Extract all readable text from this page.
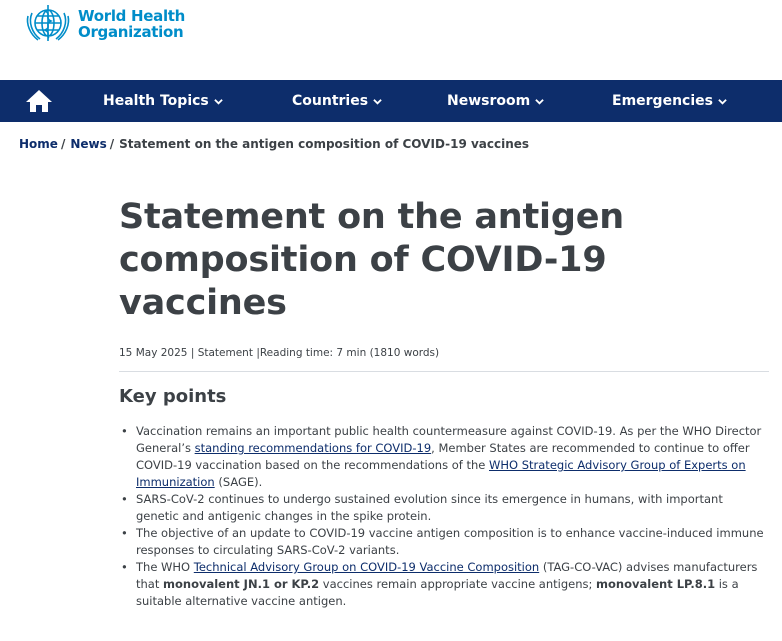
World Health
Organization
Health Topics	Countries	Newsroom	Emergencies
Home / News / Statement on the antigen composition of COVID-19 vaccines
Statement on the antigen composition of COVID-19 vaccines
15 May 2025 | Statement |Reading time: 7 min (1810 words)
Key points
• Vaccination remains an important public health countermeasure against COVID-19. As per the WHO Director General’s standing recommendations for COVID-19, Member States are recommended to continue to offer COVID-19 vaccination based on the recommendations of the WHO Strategic Advisory Group of Experts on Immunization (SAGE).
• SARS-CoV-2 continues to undergo sustained evolution since its emergence in humans, with important genetic and antigenic changes in the spike protein.
• The objective of an update to COVID-19 vaccine antigen composition is to enhance vaccine-induced immune responses to circulating SARS-CoV-2 variants.
• The WHO Technical Advisory Group on COVID-19 Vaccine Composition (TAG-CO-VAC) advises manufacturers that monovalent JN.1 or KP.2 vaccines remain appropriate vaccine antigens; monovalent LP.8.1 is a suitable alternative vaccine antigen.
